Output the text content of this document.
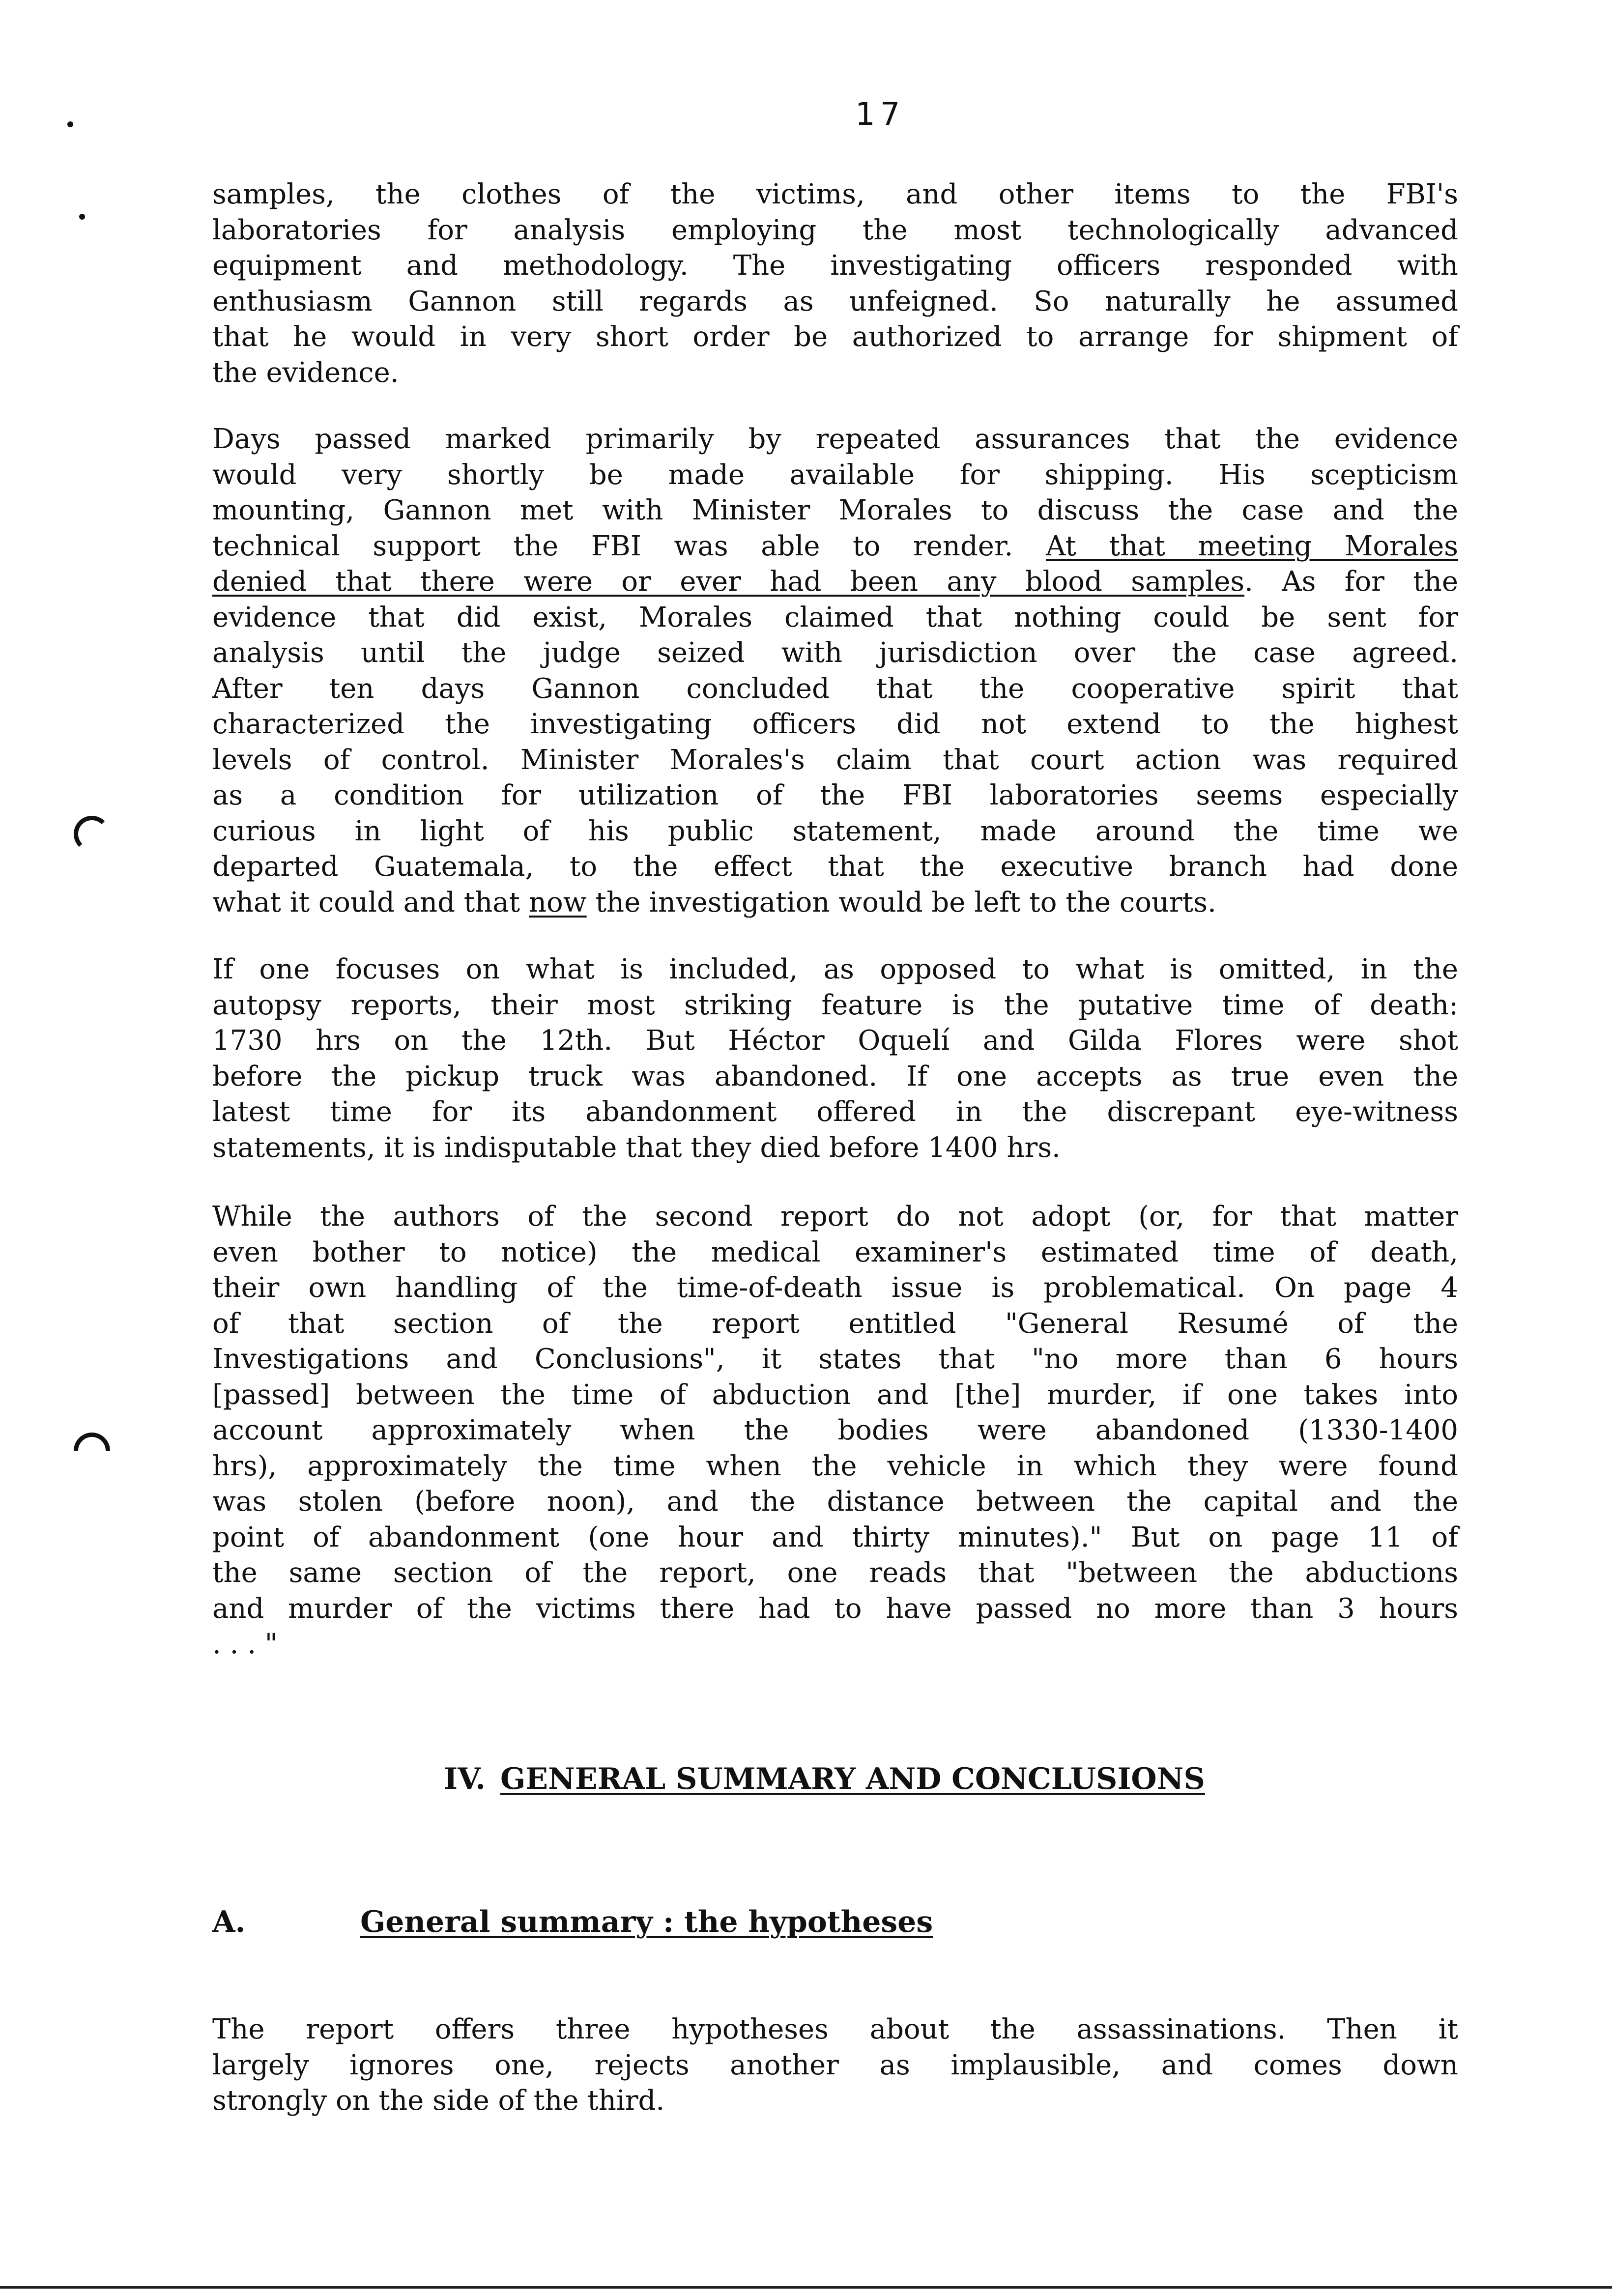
17
samples, the clothes of the victims, and other items to the FBI's
laboratories for analysis employing the most technologically advanced
equipment and methodology. The investigating officers responded with
enthusiasm Gannon still regards as unfeigned. So naturally he assumed
that he would in very short order be authorized to arrange for shipment of
the evidence.
Days passed marked primarily by repeated assurances that the evidence
would very shortly be made available for shipping. His scepticism
mounting, Gannon met with Minister Morales to discuss the case and the
technical support the FBI was able to render. At that meeting Morales
denied that there were or ever had been any blood samples. As for the
evidence that did exist, Morales claimed that nothing could be sent for
analysis until the judge seized with jurisdiction over the case agreed.
After ten days Gannon concluded that the cooperative spirit that
characterized the investigating officers did not extend to the highest
levels of control. Minister Morales's claim that court action was required
as a condition for utilization of the FBI laboratories seems especially
curious in light of his public statement, made around the time we
departed Guatemala, to the effect that the executive branch had done
what it could and that now the investigation would be left to the courts.
If one focuses on what is included, as opposed to what is omitted, in the
autopsy reports, their most striking feature is the putative time of death:
1730 hrs on the 12th. But Héctor Oquelí and Gilda Flores were shot
before the pickup truck was abandoned. If one accepts as true even the
latest time for its abandonment offered in the discrepant eye-witness
statements, it is indisputable that they died before 1400 hrs.
While the authors of the second report do not adopt (or, for that matter
even bother to notice) the medical examiner's estimated time of death,
their own handling of the time-of-death issue is problematical. On page 4
of that section of the report entitled "General Resumé of the
Investigations and Conclusions", it states that "no more than 6 hours
[passed] between the time of abduction and [the] murder, if one takes into
account approximately when the bodies were abandoned (1330-1400
hrs), approximately the time when the vehicle in which they were found
was stolen (before noon), and the distance between the capital and the
point of abandonment (one hour and thirty minutes)." But on page 11 of
the same section of the report, one reads that "between the abductions
and murder of the victims there had to have passed no more than 3 hours
. . . "
The report offers three hypotheses about the assassinations. Then it
largely ignores one, rejects another as implausible, and comes down
strongly on the side of the third.
IV. GENERAL SUMMARY AND CONCLUSIONS
A.	General summary : the hypotheses
